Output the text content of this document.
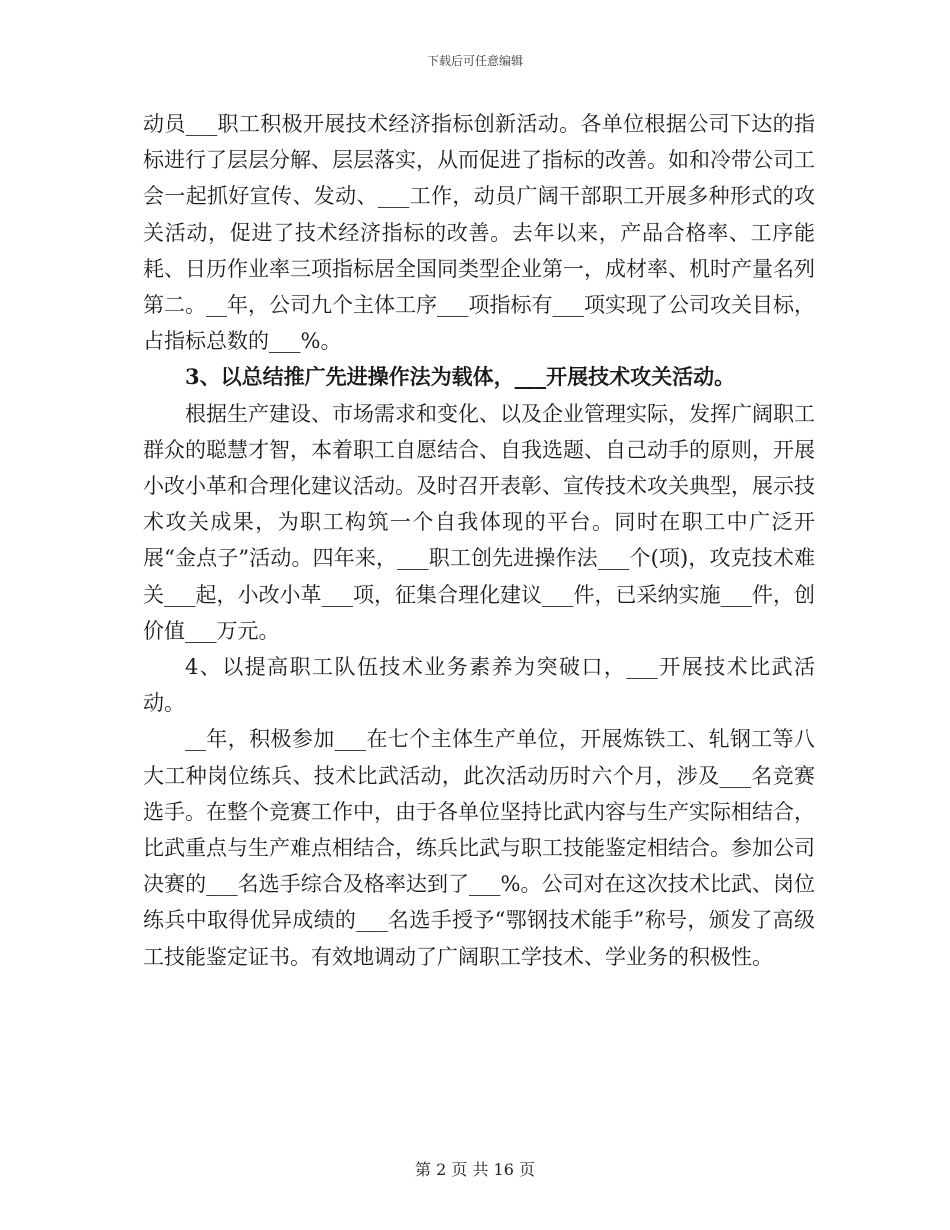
下载后可任意编辑

动员___职工积极开展技术经济指标创新活动。各单位根据公司下达的指标进行了层层分解、层层落实，从而促进了指标的改善。如和冷带公司工会一起抓好宣传、发动、___工作，动员广阔干部职工开展多种形式的攻关活动，促进了技术经济指标的改善。去年以来，产品合格率、工序能耗、日历作业率三项指标居全国同类型企业第一，成材率、机时产量名列第二。__年，公司九个主体工序___项指标有___项实现了公司攻关目标，占指标总数的___%。

3、以总结推广先进操作法为载体，___开展技术攻关活动。

根据生产建设、市场需求和变化、以及企业管理实际，发挥广阔职工群众的聪慧才智，本着职工自愿结合、自我选题、自己动手的原则，开展小改小革和合理化建议活动。及时召开表彰、宣传技术攻关典型，展示技术攻关成果，为职工构筑一个自我体现的平台。同时在职工中广泛开展“金点子”活动。四年来，___职工创先进操作法___个(项)，攻克技术难关___起，小改小革___项，征集合理化建议___件，已采纳实施___件，创价值___万元。

4、以提高职工队伍技术业务素养为突破口，___开展技术比武活动。

__年，积极参加___在七个主体生产单位，开展炼铁工、轧钢工等八大工种岗位练兵、技术比武活动，此次活动历时六个月，涉及___名竞赛选手。在整个竞赛工作中，由于各单位坚持比武内容与生产实际相结合，比武重点与生产难点相结合，练兵比武与职工技能鉴定相结合。参加公司决赛的___名选手综合及格率达到了___%。公司对在这次技术比武、岗位练兵中取得优异成绩的___名选手授予“鄂钢技术能手”称号，颁发了高级工技能鉴定证书。有效地调动了广阔职工学技术、学业务的积极性。

第 2 页 共 16 页
